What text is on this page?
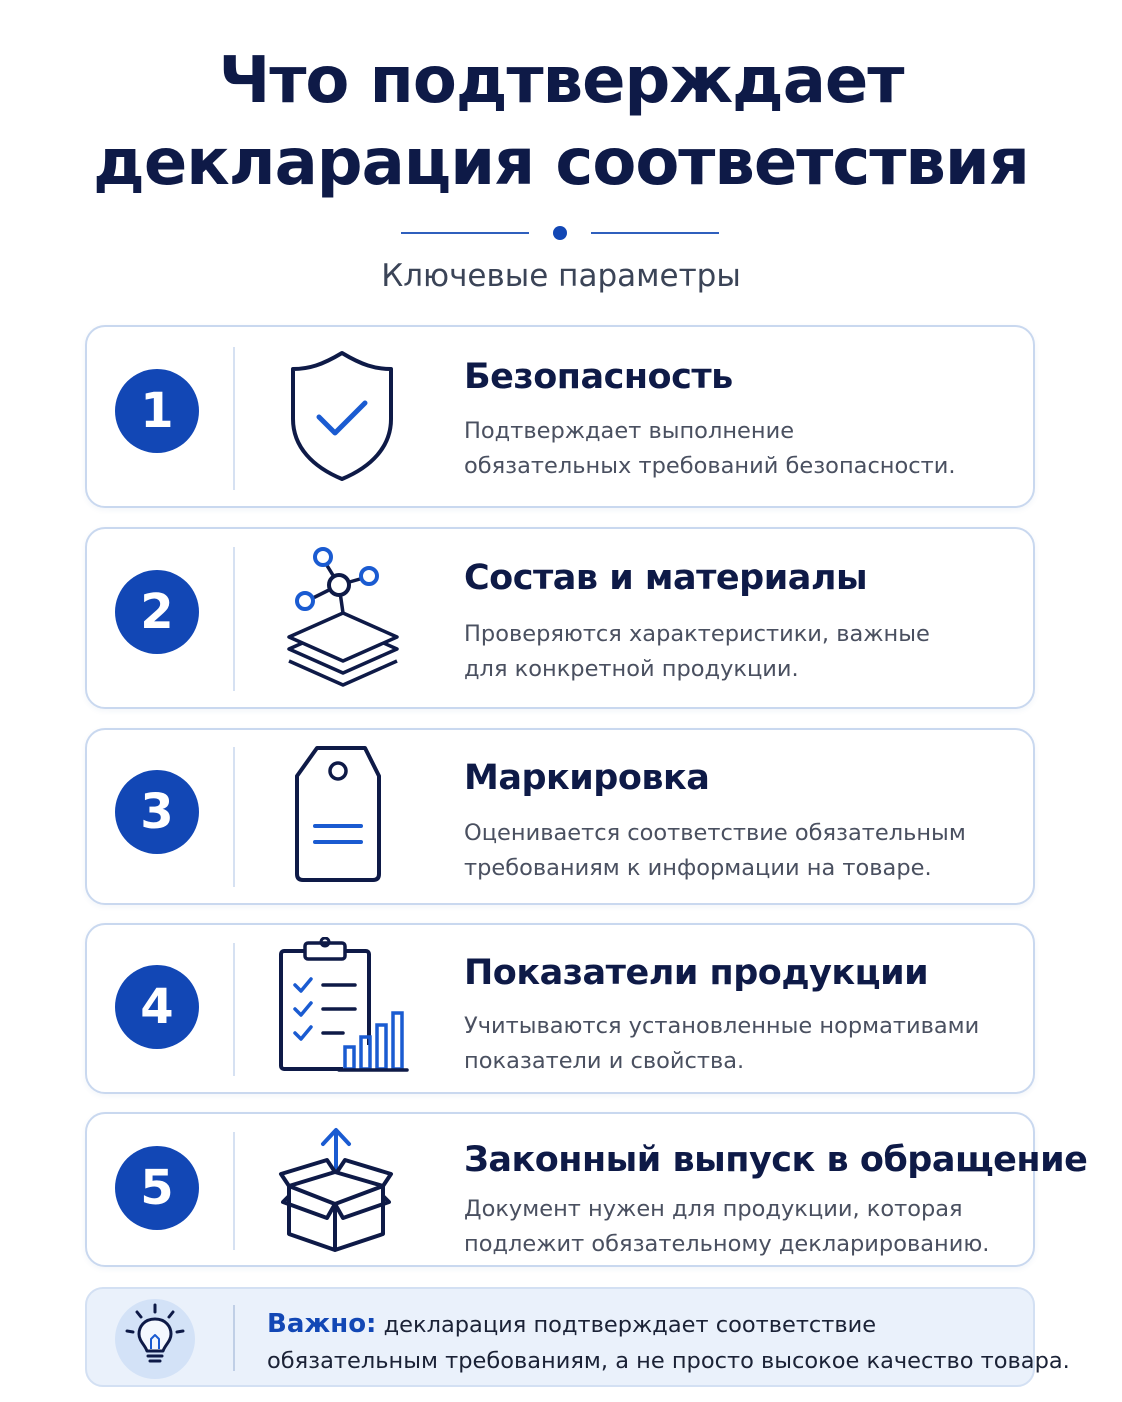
Что подтверждает
декларация соответствия
Ключевые параметры
1
Безопасность
Подтверждает выполнение
обязательных требований безопасности.
2
Состав и материалы
Проверяются характеристики, важные
для конкретной продукции.
3
Маркировка
Оценивается соответствие обязательным
требованиям к информации на товаре.
4
Показатели продукции
Учитываются установленные нормативами
показатели и свойства.
5	Законный выпуск в обращение
Документ нужен для продукции, которая
подлежит обязательному декларированию.
Важно: декларация подтверждает соответствие
обязательным требованиям, а не просто высокое качество товара.
